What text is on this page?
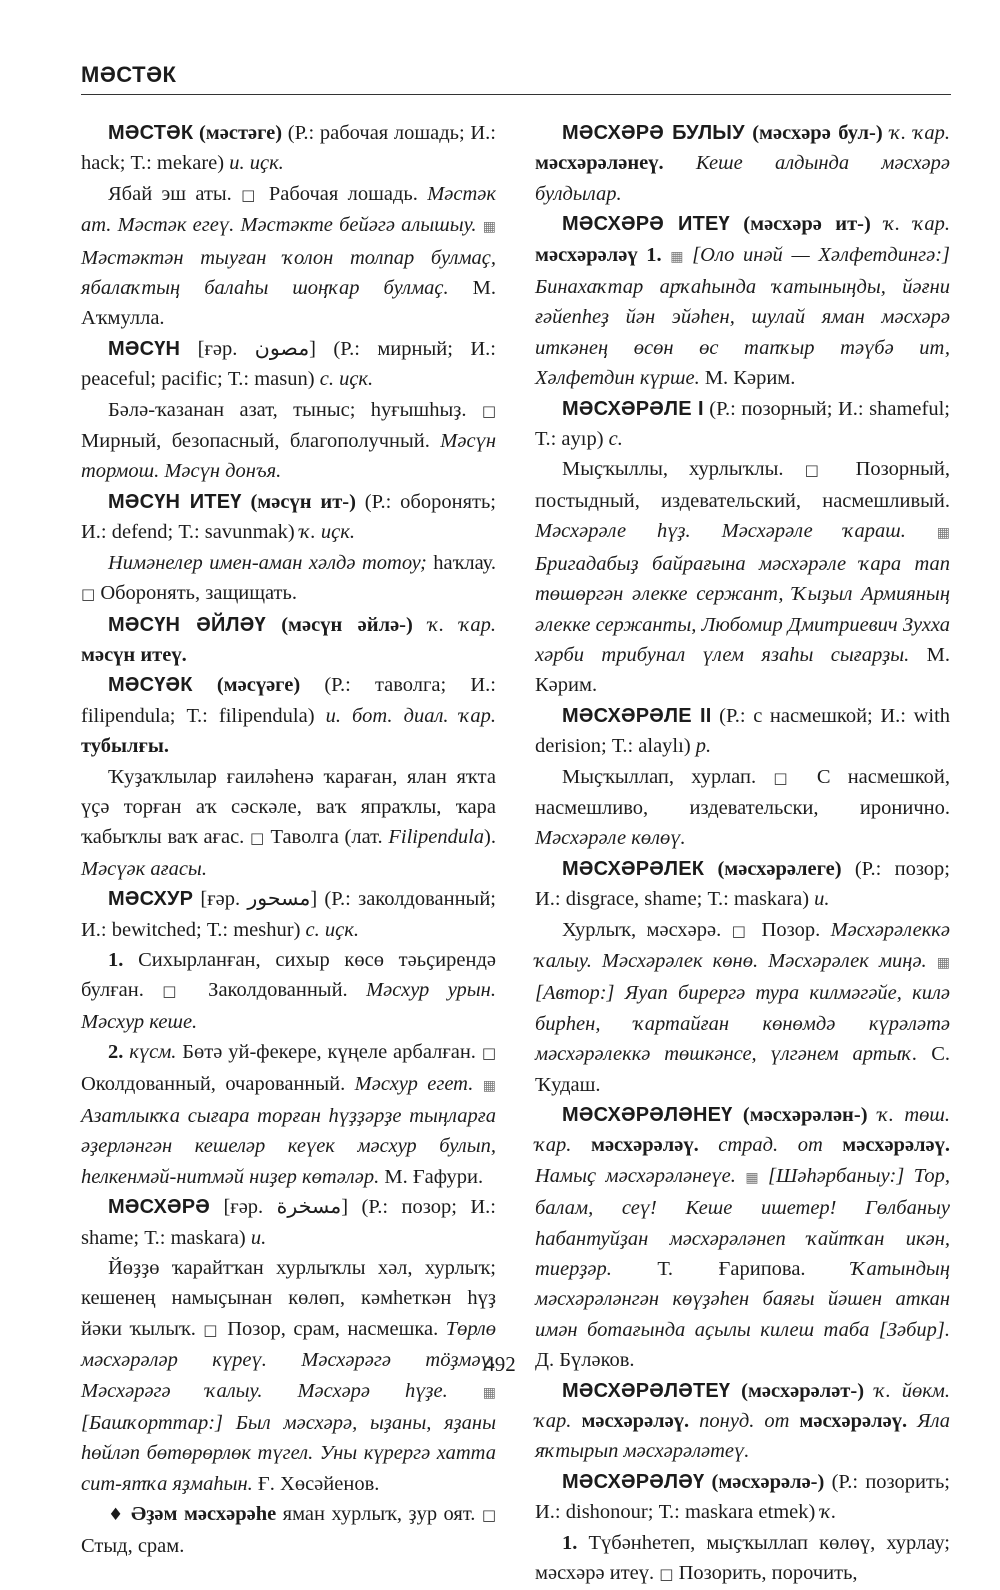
МӘСТӘК

МӘСТӘК (мәстәге) (Р.: рабочая лошадь; И.: hack; Т.: mekare) и. иҫк.

Ябай эш аты. □ Рабочая лошадь. Мәстәк ат. Мәстәк егеү. Мәстәкте бейәгә алышыу. ▦ Мәстәктән тыуған ҡолон толпар булмаҫ, ябалаҡтың балаһы шоңҡар булмаҫ. М. Аҡмулла.

МӘСҮН [ғәр. مصون] (Р.: мирный; И.: peaceful; pacific; Т.: masun) с. иҫк.

Бәлә-ҡазанан азат, тыныс; һуғышһыҙ. □ Мирный, безопасный, благополучный. Мәсүн тормош. Мәсүн донъя.

МӘСҮН ИТЕҮ (мәсүн ит-) (Р.: оборонять; И.: defend; Т.: savunmak) ҡ. иҫк.

Нимәнелер имен-аман хәлдә тотоу; һаҡлау. □ Оборонять, защищать.

МӘСҮН ӘЙЛӘҮ (мәсүн әйлә-) ҡ. ҡар. мәсүн итеү.

МӘСҮӘК (мәсүәге) (Р.: таволга; И.: filipendula; Т.: filipendula) и. бот. диал. ҡар. тубылғы.

Ҡуҙаҡлылар ғаиләһенә ҡараған, ялан яҡта үҫә торған аҡ сәскәле, ваҡ япраҡлы, ҡара ҡабыҡлы ваҡ ағас. □ Таволга (лат. Filipendula). Мәсүәк ағасы.

МӘСХУР [ғәр. مسحور] (Р.: заколдованный; И.: bewitched; Т.: meshur) с. иҫк.

1. Сихырланған, сихыр көсө тәьҫирендә булған. □ Заколдованный. Мәсхур урын. Мәсхур кеше.

2. күсм. Бөтә уй-фекере, күңеле арбалған. □ Околдованный, очарованный. Мәсхур егет. ▦ Азатлыкҡа сығара торған һүҙҙәрҙе тыңларға әҙерләнгән кешеләр кеүек мәсхур булып, һелкенмәй-нитмәй ниҙер көтәләр. М. Ғафури.

МӘСХӘРӘ [ғәр. مسخرة] (Р.: позор; И.: shame; Т.: maskara) и.

Йөҙҙө ҡарайтҡан хурлыҡлы хәл, хурлыҡ; кешенең намыҫынан көлөп, кәмһеткән һүҙ йәки ҡылыҡ. □ Позор, срам, насмешка. Төрлө мәсхәрәләр күреү. Мәсхәрәгә тӧҙмәү. Мәсхәрәгә ҡалыу. Мәсхәрә һүҙе.	▦ [Башҡорттар:] Был мәсхәрә, ыҙаны, яҙаны һөйләп бөтөрөрлөк түгел. Уны күрергә хатта сит-ятҡа яҙмаһын. Ғ. Хөсәйенов.

♦ Әҙәм мәсхәрәһе яман хурлыҡ, ҙур оят. □ Стыд, срам.

МӘСХӘРӘ БУЛЫУ (мәсхәрә бул-) ҡ. ҡар. мәсхәрәләнеү. Кеше алдында мәсхәрә булдылар.

МӘСХӘРӘ ИТЕҮ (мәсхәрә ит-) ҡ. ҡар. мәсхәрәләү 1. ▦ [Оло инәй — Хәлфетдингә:] Бинахаҡтар арҡаһында ҡатыныңды, йәғни ғәйепһеҙ йән эйәһен, шулай яман мәсхәрә иткәнең өсөн өс тапҡыр тәүбә ит, Хәлфетдин күрше. М. Кәрим.

МӘСХӘРӘЛЕ I (Р.: позорный; И.: shameful; Т.: ayıp) с.

Мыҫҡыллы, хурлыҡлы. □ Позорный, постыдный, издевательский, насмешливый. Мәсхәрәле һүҙ. Мәсхәрәле ҡараш. ▦ Бригадабыҙ байрағына мәсхәрәле ҡара тап төшөргән әлекке сержант, Ҡыҙыл Армияның әлекке сержанты, Любомир Дмитриевич Зухха хәрби трибунал үлем язаһы сығарҙы. М. Кәрим.

МӘСХӘРӘЛЕ II (Р.: с насмешкой; И.: with derision; Т.: alaylı) р.

Мыҫҡыллап, хурлап. □ С насмешкой, насмешливо, издевательски, иронично. Мәсхәрәле көлөү.

МӘСХӘРӘЛЕК (мәсхәрәлеге) (Р.: позор; И.: disgrace, shame; Т.: maskara) и.

Хурлыҡ, мәсхәрә. □ Позор. Мәсхәрәлеккә ҡалыу. Мәсхәрәлек көнө. Мәсхәрәлек миңә. ▦ [Автор:] Яуап бирергә тура килмәгәйе, килә бирһен, ҡартайған көнөмдә күрәләтә мәсхәрәлеккә төшкәнсе, үлгәнем артыҡ. С. Ҡудаш.

МӘСХӘРӘЛӘНЕҮ (мәсхәрәлән-) ҡ. төш. ҡар. мәсхәрәләү. страд. от мәсхәрәләү. Намыҫ мәсхәрәләнеүе. ▦ [Шәһәрбаныу:] Тор, балам, сеү! Кеше ишетер! Гөлбаныу һабантуйҙан мәсхәрәләнеп ҡайтҡан икән, тиерҙәр. Т. Ғарипова. Ҡатындың мәсхәрәләнгән көүҙәһен баяғы йәшен аткан имән ботағында аҫылы килеш таба [Зәбир]. Д. Бүләков.

МӘСХӘРӘЛӘТЕҮ (мәсхәрәләт-) ҡ. йөкм. ҡар. мәсхәрәләү. понуд. от мәсхәрәләү. Яла яҡтырып мәсхәрәләтеү.

МӘСХӘРӘЛӘҮ (мәсхәрәлә-) (Р.: позорить; И.: dishonour; Т.: maskara etmek) ҡ.

1. Түбәнһетеп, мыҫҡыллап көлөү, хурлау; мәсхәрә итеү. □ Позорить, порочить,

492
